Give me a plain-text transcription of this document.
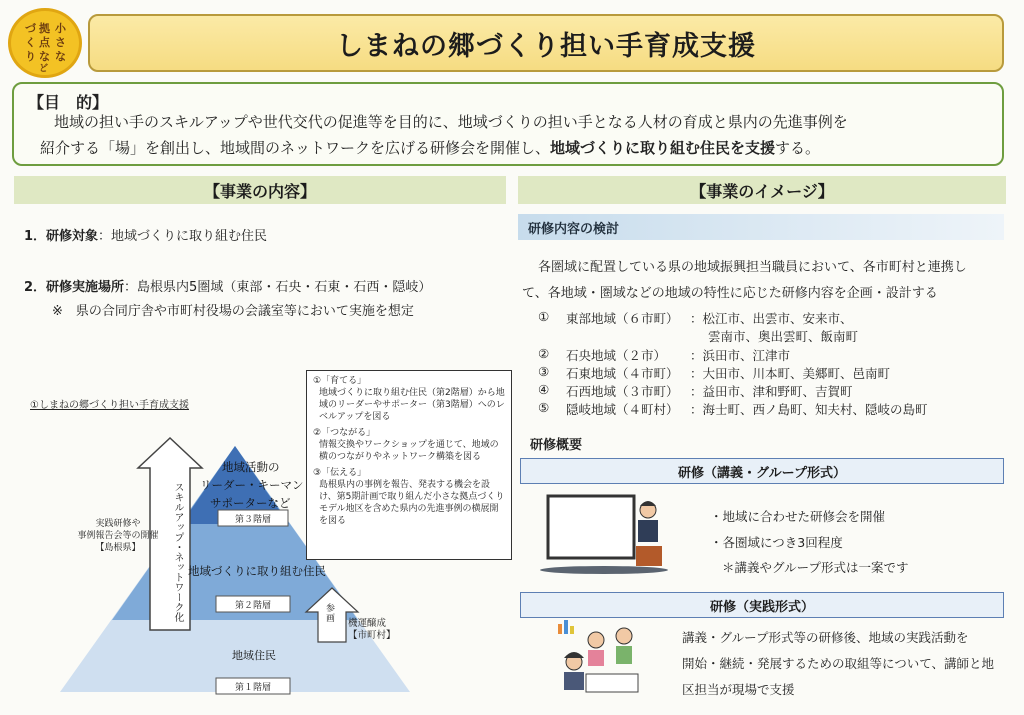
づ
く
り
拠
点
な
小
さ
な
ど
しまねの郷づくり担い手育成支援
【目　的】
地域の担い手のスキルアップや世代交代の促進等を目的に、地域づくりの担い手となる人材の育成と県内の先進事例を
紹介する「場」を創出し、地域間のネットワークを広げる研修会を開催し、地域づくりに取り組む住民を支援する。
【事業の内容】
1．研修対象：地域づくりに取り組む住民
2．研修実施場所：島根県内5圏域（東部・石央・石東・石西・隠岐）
※　県の合同庁舎や市町村役場の会議室等において実施を想定
①しまねの郷づくり担い手育成支援
スキルアップ・ネットワーク化
実践研修や
事例報告会等の開催
【島根県】
地域活動の
リーダー・キーマン
サポーターなど
第３階層
地域づくりに取り組む住民
第２階層
地域住民
第１階層
参画	機運醸成
【市町村】
①「育てる」
地域づくりに取り組む住民（第2階層）から地域のリーダーやサポーター（第3階層）へのレベルアップを図る
②「つながる」
情報交換やワークショップを通じて、地域の横のつながりやネットワーク構築を図る
③「伝える」
島根県内の事例を報告、発表する機会を設け、第5期計画で取り組んだ小さな拠点づくりモデル地区を含めた県内の先進事例の横展開を図る
【事業のイメージ】
研修内容の検討
各圏域に配置している県の地域振興担当職員において、各市町村と連携し
て、各地域・圏域などの地域の特性に応じた研修内容を企画・設計する
① 東部地域（６市町） ：松江市、出雲市、安来市、
雲南市、奥出雲町、飯南町
② 石央地域（２市） ：浜田市、江津市
③ 石東地域（４市町） ：大田市、川本町、美郷町、邑南町
④ 石西地域（３市町） ：益田市、津和野町、吉賀町
⑤ 隠岐地域（４町村） ：海士町、西ノ島町、知夫村、隠岐の島町
研修概要
研修（講義・グループ形式）
・地域に合わせた研修会を開催
・各圏域につき3回程度
＊講義やグループ形式は一案です
研修（実践形式）
講義・グループ形式等の研修後、地域の実践活動を
開始・継続・発展するための取組等について、講師と地
区担当が現場で支援
